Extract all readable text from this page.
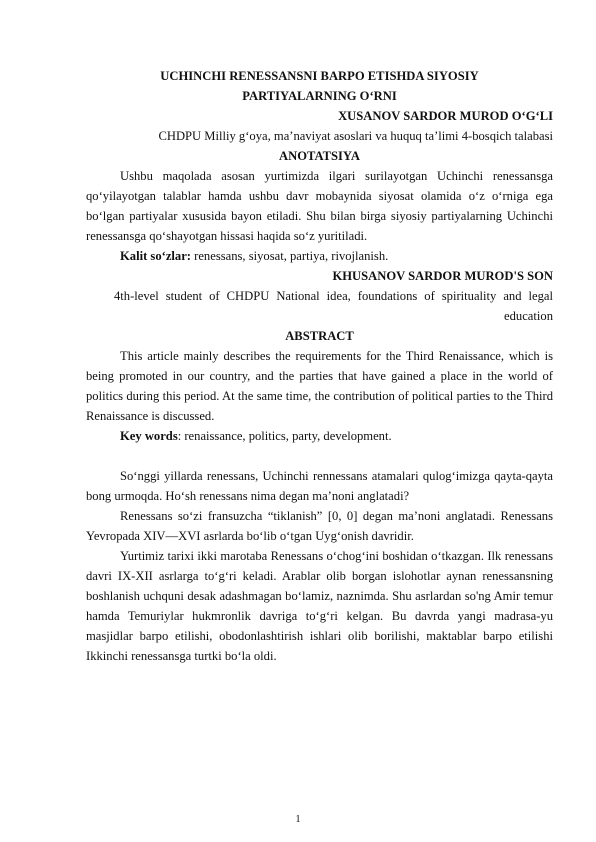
UCHINCHI RENESSANSNI BARPO ETISHDA SIYOSIY

PARTIYALARNING O‘RNI

XUSANOV SARDOR MUROD O‘G‘LI

CHDPU Milliy g‘oya, ma’naviyat asoslari va huquq ta’limi 4-bosqich talabasi

ANOTATSIYA

Ushbu maqolada asosan yurtimizda ilgari surilayotgan Uchinchi renessansga qo‘yilayotgan talablar hamda ushbu davr mobaynida siyosat olamida o‘z o‘rniga ega bo‘lgan partiyalar xususida bayon etiladi. Shu bilan birga siyosiy partiyalarning Uchinchi renessansga qo‘shayotgan hissasi haqida so‘z yuritiladi.

Kalit so‘zlar: renessans, siyosat, partiya, rivojlanish.

KHUSANOV SARDOR MUROD'S SON

4th-level student of CHDPU National idea, foundations of spirituality and legal education

ABSTRACT

This article mainly describes the requirements for the Third Renaissance, which is being promoted in our country, and the parties that have gained a place in the world of politics during this period. At the same time, the contribution of political parties to the Third Renaissance is discussed.

Key words: renaissance, politics, party, development.

So‘nggi yillarda renessans, Uchinchi rennessans atamalari qulog‘imizga qayta-qayta bong urmoqda. Ho‘sh renessans nima degan ma’noni anglatadi?

Renessans so‘zi fransuzcha “tiklanish” [0, 0] degan ma’noni anglatadi. Renessans Yevropada XIV—XVI asrlarda bo‘lib o‘tgan Uyg‘onish davridir.

Yurtimiz tarixi ikki marotaba Renessans o‘chog‘ini boshidan o‘tkazgan. Ilk renessans davri IX-XII asrlarga to‘g‘ri keladi. Arablar olib borgan islohotlar aynan renessansning boshlanish uchquni desak adashmagan bo‘lamiz, naznimda. Shu asrlardan so'ng Amir temur hamda Temuriylar hukmronlik davriga to‘g‘ri kelgan. Bu davrda yangi madrasa-yu masjidlar barpo etilishi, obodonlashtirish ishlari olib borilishi, maktablar barpo etilishi Ikkinchi renessansga turtki bo‘la oldi.

1
